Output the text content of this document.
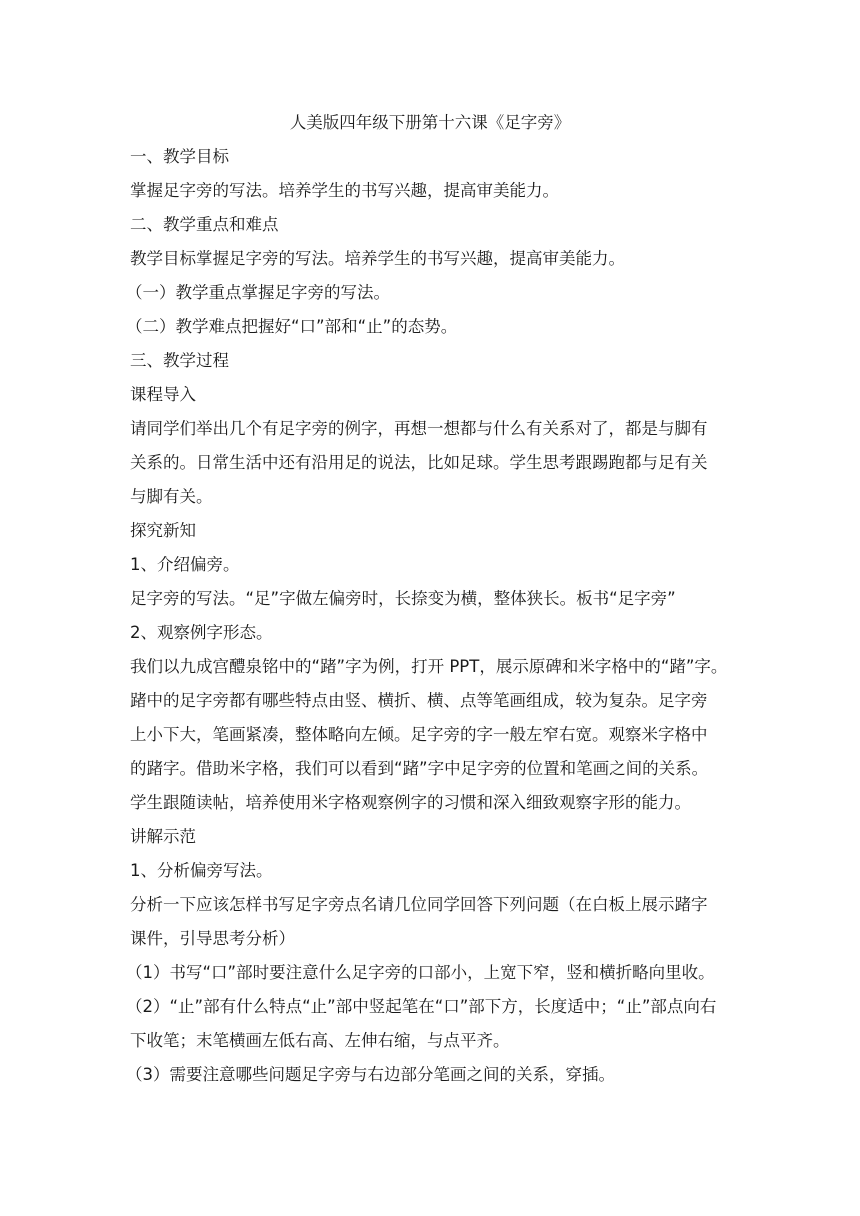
人美版四年级下册第十六课《足字旁》
一、教学目标
掌握足字旁的写法。培养学生的书写兴趣，提高审美能力。
二、教学重点和难点
教学目标掌握足字旁的写法。培养学生的书写兴趣，提高审美能力。
（一）教学重点掌握足字旁的写法。
（二）教学难点把握好“口”部和“止”的态势。
三、教学过程
课程导入
请同学们举出几个有足字旁的例字，再想一想都与什么有关系对了，都是与脚有
关系的。日常生活中还有沿用足的说法，比如足球。学生思考跟踢跑都与足有关
与脚有关。
探究新知
1、介绍偏旁。
足字旁的写法。“足”字做左偏旁时，长捺变为横，整体狭长。板书“足字旁”
2、观察例字形态。
我们以九成宫醴泉铭中的“踷”字为例，打开 PPT，展示原碑和米字格中的“踷”字。
踷中的足字旁都有哪些特点由竖、横折、横、点等笔画组成，较为复杂。足字旁
上小下大，笔画紧凑，整体略向左倾。足字旁的字一般左窄右宽。观察米字格中
的踷字。借助米字格，我们可以看到“踷”字中足字旁的位置和笔画之间的关系。
学生跟随读帖，培养使用米字格观察例字的习惯和深入细致观察字形的能力。
讲解示范
1、分析偏旁写法。
分析一下应该怎样书写足字旁点名请几位同学回答下列问题（在白板上展示踷字
课件，引导思考分析）
（1）书写“口”部时要注意什么足字旁的口部小，上宽下窄，竖和横折略向里收。
（2）“止”部有什么特点“止”部中竖起笔在“口”部下方，长度适中；“止”部点向右
下收笔；末笔横画左低右高、左伸右缩，与点平齐。
（3）需要注意哪些问题足字旁与右边部分笔画之间的关系，穿插。
